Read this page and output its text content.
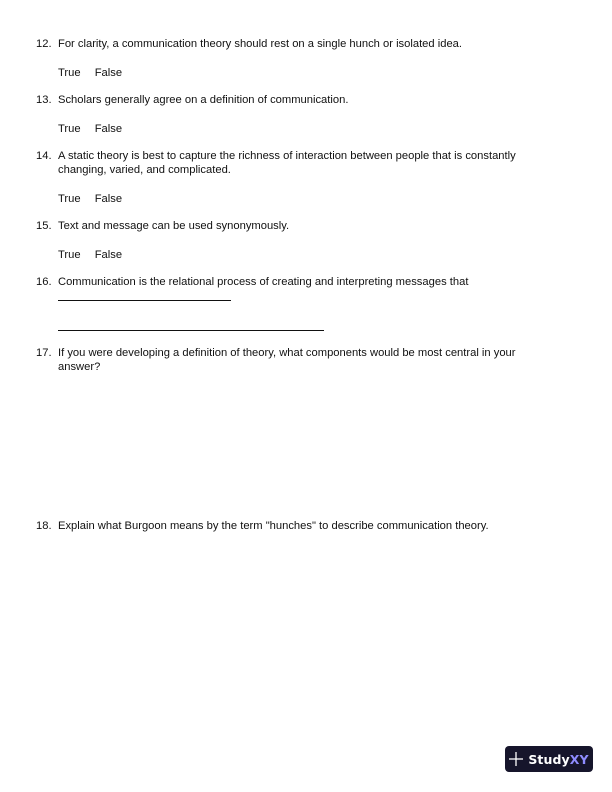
12. For clarity, a communication theory should rest on a single hunch or isolated idea.
True False
13. Scholars generally agree on a definition of communication.
True False
14. A static theory is best to capture the richness of interaction between people that is constantly changing, varied, and complicated.
True False
15. Text and message can be used synonymously.
True False
16. Communication is the relational process of creating and interpreting messages that
17. If you were developing a definition of theory, what components would be most central in your answer?
18. Explain what Burgoon means by the term "hunches" to describe communication theory.
StudyXY
